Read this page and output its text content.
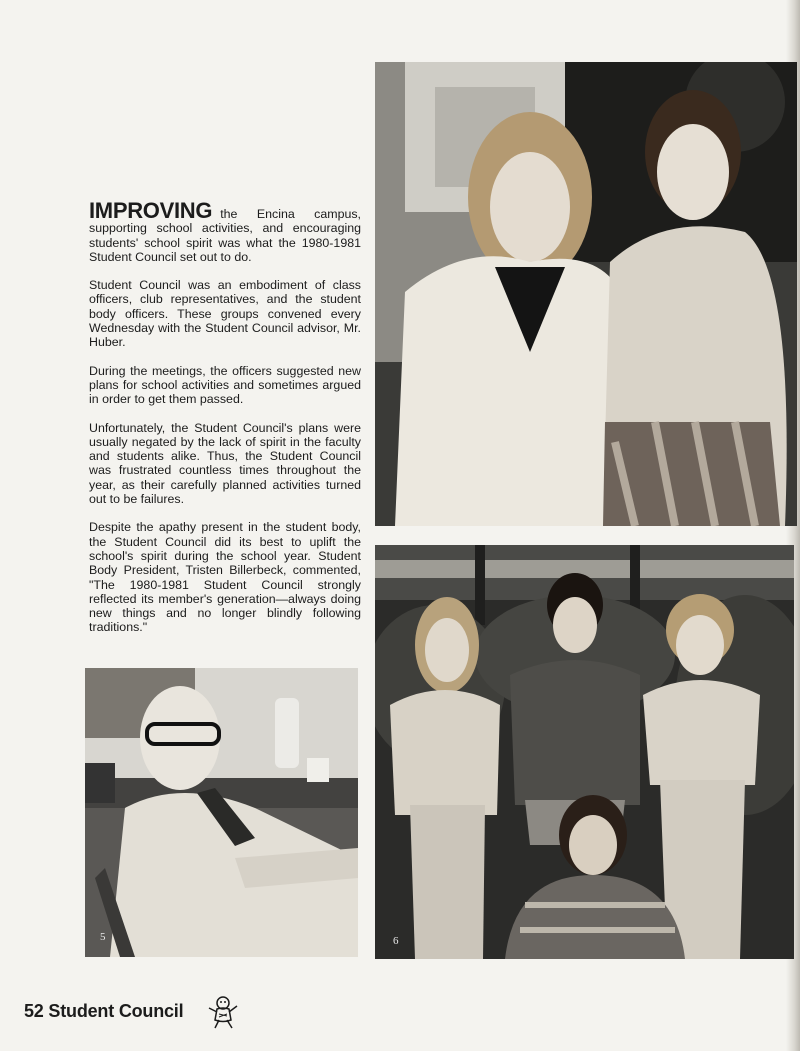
IMPROVING the Encina campus, supporting school activities, and encouraging students' school spirit was what the 1980-1981 Student Council set out to do.

Student Council was an embodiment of class officers, club representatives, and the student body officers. These groups convened every Wednesday with the Student Council advisor, Mr. Huber.

During the meetings, the officers suggested new plans for school activities and sometimes argued in order to get them passed.

Unfortunately, the Student Council's plans were usually negated by the lack of spirit in the faculty and students alike. Thus, the Student Council was frustrated countless times throughout the year, as their carefully planned activities turned out to be failures.

Despite the apathy present in the student body, the Student Council did its best to uplift the school's spirit during the school year. Student Body President, Tristen Billerbeck, commented, "The 1980-1981 Student Council strongly reflected its member's generation—always doing new things and no longer blindly following traditions."

5	6
52 Student Council
